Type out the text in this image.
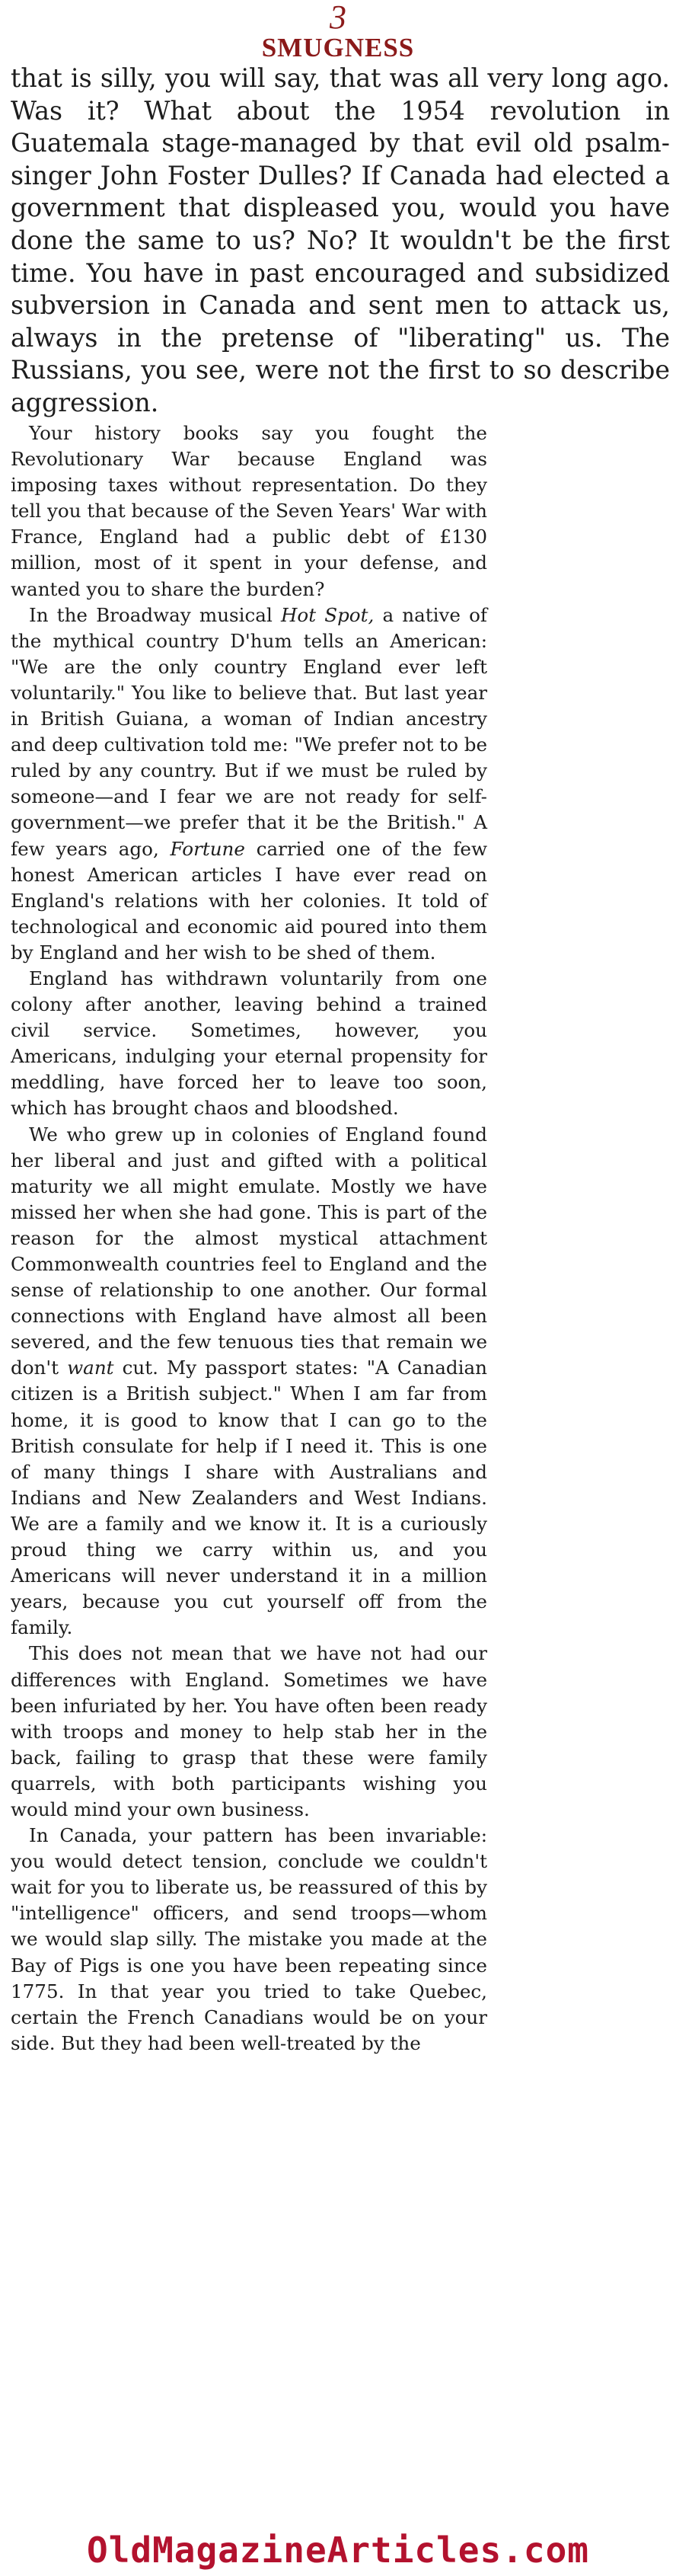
3
SMUGNESS

that is silly, you will say, that was all very long ago. Was it? What about the 1954 revolution in Guatemala stage-managed by that evil old psalm-singer John Foster Dulles? If Canada had elected a government that displeased you, would you have done the same to us? No? It wouldn't be the first time. You have in past encouraged and subsidized subversion in Canada and sent men to attack us, always in the pretense of "liberating" us. The Russians, you see, were not the first to so describe aggression.

Your history books say you fought the Revolutionary War because England was imposing taxes without representation. Do they tell you that because of the Seven Years' War with France, England had a public debt of £130 million, most of it spent in your defense, and wanted you to share the burden?

In the Broadway musical Hot Spot, a native of the mythical country D'hum tells an American: "We are the only country England ever left voluntarily." You like to believe that. But last year in British Guiana, a woman of Indian ancestry and deep cultivation told me: "We prefer not to be ruled by any country. But if we must be ruled by someone—and I fear we are not ready for self-government—we prefer that it be the British." A few years ago, Fortune carried one of the few honest American articles I have ever read on England's relations with her colonies. It told of technological and economic aid poured into them by England and her wish to be shed of them.

England has withdrawn voluntarily from one colony after another, leaving behind a trained civil service. Sometimes, however, you Americans, indulging your eternal propensity for meddling, have forced her to leave too soon, which has brought chaos and bloodshed.

We who grew up in colonies of England found her liberal and just and gifted with a political maturity we all might emulate. Mostly we have missed her when she had gone. This is part of the reason for the almost mystical attachment Commonwealth countries feel to England and the sense of relationship to one another. Our formal connections with England have almost all been severed, and the few tenuous ties that remain we don't want cut. My passport states: "A Canadian citizen is a British subject." When I am far from home, it is good to know that I can go to the British consulate for help if I need it. This is one of many things I share with Australians and Indians and New Zealanders and West Indians. We are a family and we know it. It is a curiously proud thing we carry within us, and you Americans will never understand it in a million years, because you cut yourself off from the family.

This does not mean that we have not had our differences with England. Sometimes we have been infuriated by her. You have often been ready with troops and money to help stab her in the back, failing to grasp that these were family quarrels, with both participants wishing you would mind your own business.

In Canada, your pattern has been invariable: you would detect tension, conclude we couldn't wait for you to liberate us, be reassured of this by "intelligence" officers, and send troops—whom we would slap silly. The mistake you made at the Bay of Pigs is one you have been repeating since 1775. In that year you tried to take Quebec, certain the French Canadians would be on your side. But they had been well-treated by the

OldMagazineArticles.com
